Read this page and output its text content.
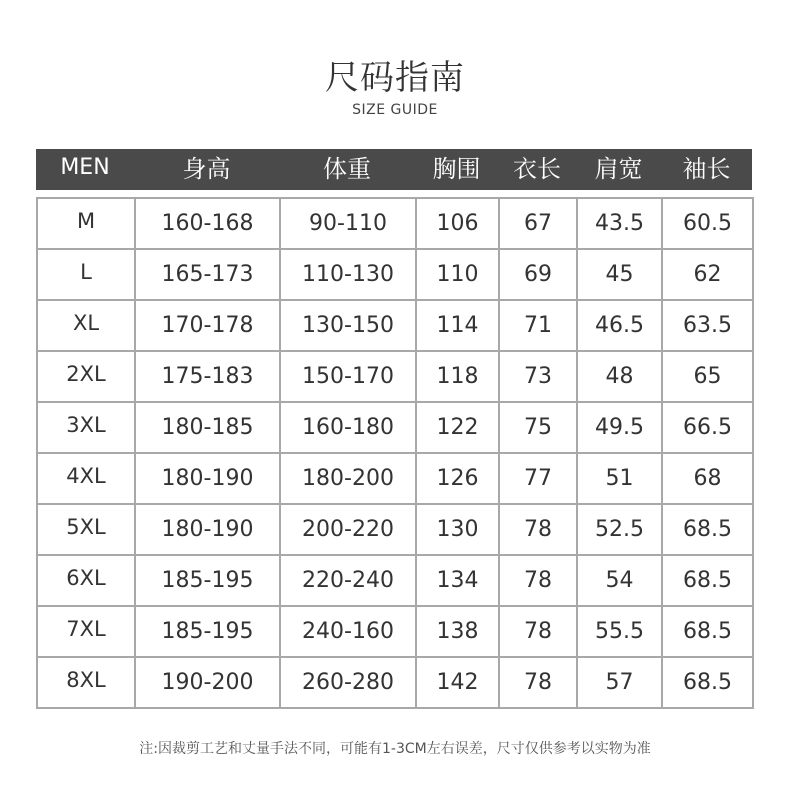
尺码指南
SIZE GUIDE
MEN	身高	体重	胸围	衣长	肩宽	袖长
M	160-168	90-110	106	67	43.5	60.5
L	165-173	110-130	110	69	45	62
XL	170-178	130-150	114	71	46.5	63.5
2XL	175-183	150-170	118	73	48	65
3XL	180-185	160-180	122	75	49.5	66.5
4XL	180-190	180-200	126	77	51	68
5XL	180-190	200-220	130	78	52.5	68.5
6XL	185-195	220-240	134	78	54	68.5
7XL	185-195	240-160	138	78	55.5	68.5
8XL	190-200	260-280	142	78	57	68.5
注:因裁剪工艺和丈量手法不同，可能有1-3CM左右误差，尺寸仅供参考以实物为准
